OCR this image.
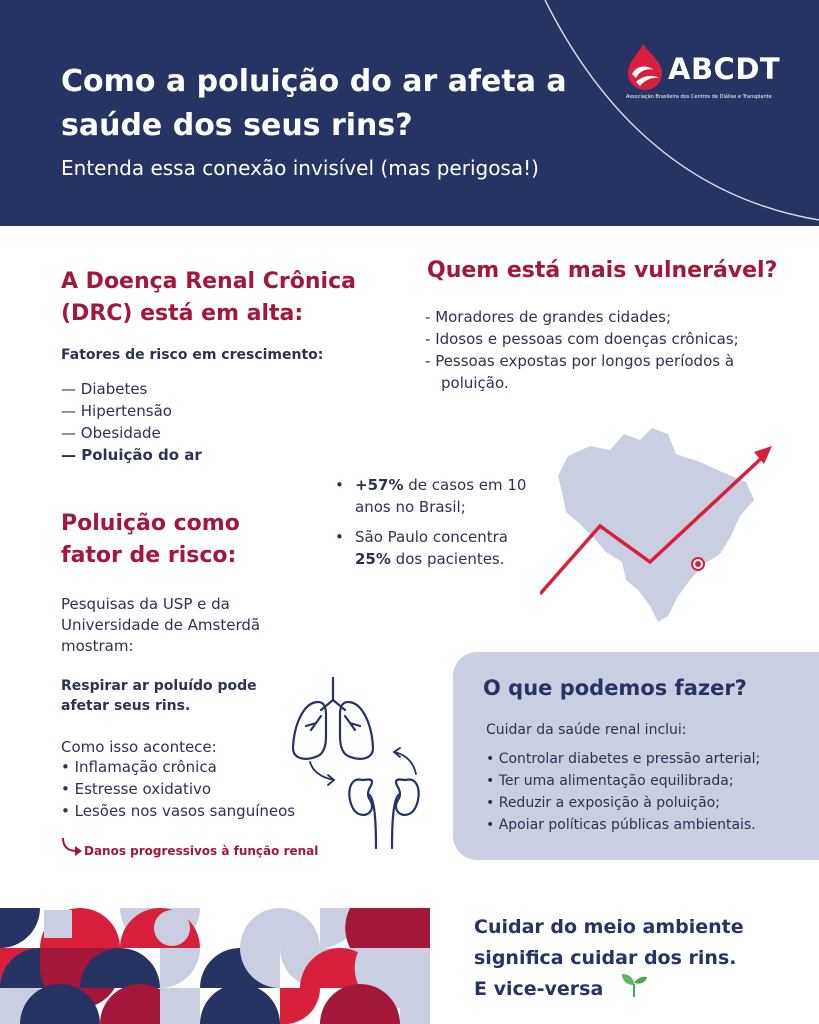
Como a poluição do ar afeta a saúde dos seus rins?
Entenda essa conexão invisível (mas perigosa!)
ABCDT
Associação Brasileira dos Centros de Diálise e Transplante
A Doença Renal Crônica (DRC) está em alta:
Fatores de risco em crescimento:
— Diabetes
— Hipertensão
— Obesidade
— Poluição do ar
Quem está mais vulnerável?
- Moradores de grandes cidades;
- Idosos e pessoas com doenças crônicas;
- Pessoas expostas por longos períodos à poluição.
• +57% de casos em 10 anos no Brasil;
• São Paulo concentra 25% dos pacientes.
Poluição como fator de risco:
Pesquisas da USP e da Universidade de Amsterdã mostram:
Respirar ar poluído pode afetar seus rins.
Como isso acontece:
• Inflamação crônica
• Estresse oxidativo
• Lesões nos vasos sanguíneos
Danos progressivos à função renal
O que podemos fazer?
Cuidar da saúde renal inclui:
• Controlar diabetes e pressão arterial;
• Ter uma alimentação equilibrada;
• Reduzir a exposição à poluição;
• Apoiar políticas públicas ambientais.
Cuidar do meio ambiente
significa cuidar dos rins.
E vice-versa
